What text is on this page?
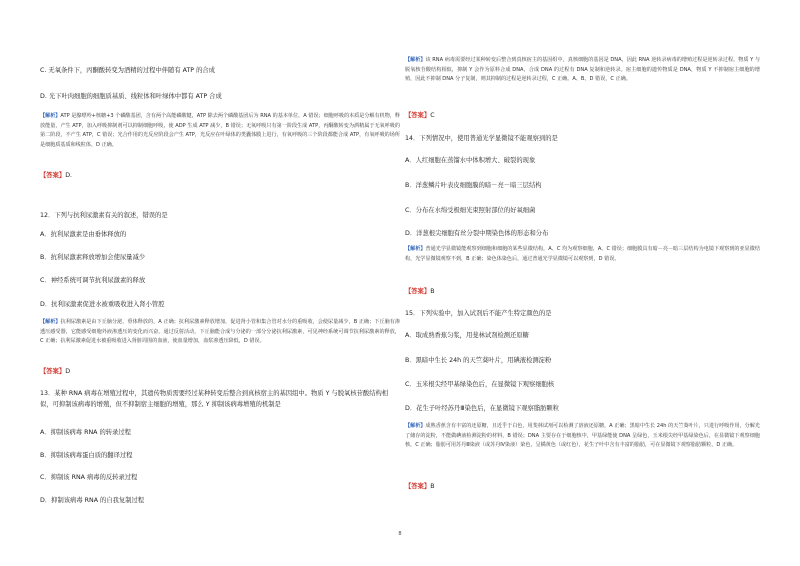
C. 无氧条件下，丙酮酸转变为酒精的过程中伴随有 ATP 的合成
D. 光下叶肉细胞的细胞质基质、线粒体和叶绿体中都有 ATP 合成
【解析】ATP 是腺嘌呤+核糖+3 个磷酸基团，含有两个高能磷酸键，ATP 除去两个磷酸基团后为 RNA 的基本单位，A 错误；细胞呼吸的本质是分解有机物，释放能量，产生 ATP，加入呼吸抑制剂可以抑制细胞呼吸，使 ADP 生成 ATP 减少，B 错误；无氧呼吸只有第一阶段生成 ATP，丙酮酸转变为酒精属于无氧呼吸的第二阶段，不产生 ATP，C 错误；光合作用的光反应阶段会产生 ATP，光反应在叶绿体的类囊体膜上进行，有氧呼吸的三个阶段都能合成 ATP，有氧呼吸的场所是细胞质基质和线粒体，D 正确。
【答案】D.
12．下列与抗利尿激素有关的叙述，错误的是
A．抗利尿激素是由垂体释放的
B．抗利尿激素释放增加会使尿量减少
C．神经系统可调节抗利尿激素的释放
D．抗利尿激素促进水被重吸收进入肾小管腔
【解析】抗利尿激素是由下丘脑分泌，垂体释放的，A 正确；抗利尿激素释放增加，促进肾小管和集合管对水分的重吸收，会使尿量减少，B 正确；下丘脑有渗透压感受器，它能感受细胞外液渗透压的变化而兴奋，通过反射活动，下丘脑能合成与分泌的一部分分泌抗利尿激素，可见神经系统可调节抗利尿激素的释放，C 正确；抗利尿激素促进水被重吸收进入肾脏周围的血液，使血量增加，血浆渗透压降低，D 错误。
【答案】D
13．某种 RNA 病毒在增殖过程中，其遗传物质需要经过某种转变后整合到真核宿主的基因组中。物质 Y 与脱氧核苷酸结构相似，可抑制该病毒的增殖，但不抑制宿主细胞的增殖，那么 Y 抑制该病毒增殖的机制是
A．抑制该病毒 RNA 的转录过程
B．抑制该病毒蛋白质的翻译过程
C．抑制该 RNA 病毒的反转录过程
D．抑制该病毒 RNA 的自我复制过程
【解析】该 RNA 病毒需要经过某种转变后整合到真核宿主的基因组中，真核细胞的基因是 DNA，因此 RNA 逆转录病毒的增殖过程是逆转录过程。物质 Y 与脱氧核苷酸结构相似，抑制 Y 会作为原料合成 DNA，合成 DNA 的过程有 DNA 复制和逆转录。宿主细胞的遗传物质是 DNA，物质 Y 不抑制宿主细胞的增殖，因此不抑制 DNA 分子复制，则其抑制的过程是逆转录过程，C 正确。A、B、D 错误，C 正确。
【答案】C
14．下列情况中，使用普通光学显微镜不能观察到的是
A．人红细胞在蒸馏水中体积增大、破裂的现象
B．洋葱鳞片叶表皮细胞膜的暗－亮－暗三层结构
C．分布在水绵受极细光束照射部位的好氧细菌
D．洋葱根尖细胞有丝分裂中期染色体的形态和分布
【解析】普通光学显微镜能观察到细胞和细胞的某些显微结构，A、C 均为观察细胞，A、C 错误；细胞膜具有暗－亮－暗三层结构为电镜下观察到的亚显微结构，光学显微镜观察不到，B 正确；染色体染色后，通过普通光学显微镜可以观察到，D 错误。
【答案】B
15．下列实验中，加入试剂后不能产生特定颜色的是
A．取成熟香蕉匀浆，用斐林试剂检测还原糖
B．黑暗中生长 24h 的天竺葵叶片，用碘液检测淀粉
C．玉米根尖经甲基绿染色后，在显微镜下观察细胞核
D．花生子叶经苏丹Ⅲ染色后，在显微镜下观察脂肪颗粒
【解析】成熟香蕉含有丰富的还原糖，且近乎于白色，用斐林试剂可以检测了溶液还原糖，A 正确；黑暗中生长 24h 的天竺葵叶片，只进行呼吸作用，分解光了储存的淀粉，不能做碘液检测淀粉的材料，B 错误；DNA 主要存在于细胞核中，甲基绿能使 DNA 呈绿色，玉米根尖经甲基绿染色后，在显微镜下观察细胞核，C 正确；脂肪可用苏丹Ⅲ染液（或苏丹Ⅳ染液）染色，呈橘黄色（或红色），花生子叶中含有丰富的脂肪，可在显微镜下观察脂肪颗粒，D 正确。
【答案】B
8
